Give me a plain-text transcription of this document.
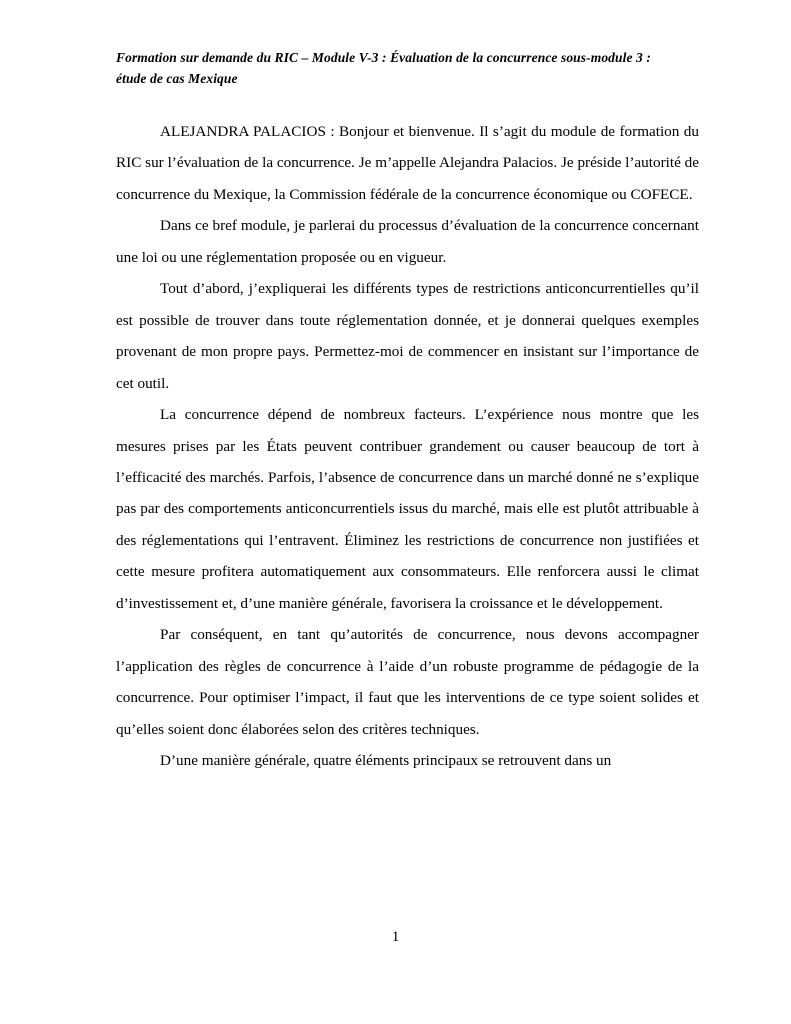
Formation sur demande du RIC – Module V-3 : Évaluation de la concurrence sous-module 3 : étude de cas Mexique

ALEJANDRA PALACIOS : Bonjour et bienvenue. Il s’agit du module de formation du RIC sur l’évaluation de la concurrence. Je m’appelle Alejandra Palacios. Je préside l’autorité de concurrence du Mexique, la Commission fédérale de la concurrence économique ou COFECE.

Dans ce bref module, je parlerai du processus d’évaluation de la concurrence concernant une loi ou une réglementation proposée ou en vigueur.

Tout d’abord, j’expliquerai les différents types de restrictions anticoncurrentielles qu’il est possible de trouver dans toute réglementation donnée, et je donnerai quelques exemples provenant de mon propre pays. Permettez-moi de commencer en insistant sur l’importance de cet outil.

La concurrence dépend de nombreux facteurs. L’expérience nous montre que les mesures prises par les États peuvent contribuer grandement ou causer beaucoup de tort à l’efficacité des marchés. Parfois, l’absence de concurrence dans un marché donné ne s’explique pas par des comportements anticoncurrentiels issus du marché, mais elle est plutôt attribuable à des réglementations qui l’entravent. Éliminez les restrictions de concurrence non justifiées et cette mesure profitera automatiquement aux consommateurs. Elle renforcera aussi le climat d’investissement et, d’une manière générale, favorisera la croissance et le développement.

Par conséquent, en tant qu’autorités de concurrence, nous devons accompagner l’application des règles de concurrence à l’aide d’un robuste programme de pédagogie de la concurrence. Pour optimiser l’impact, il faut que les interventions de ce type soient solides et qu’elles soient donc élaborées selon des critères techniques.

D’une manière générale, quatre éléments principaux se retrouvent dans un

1
